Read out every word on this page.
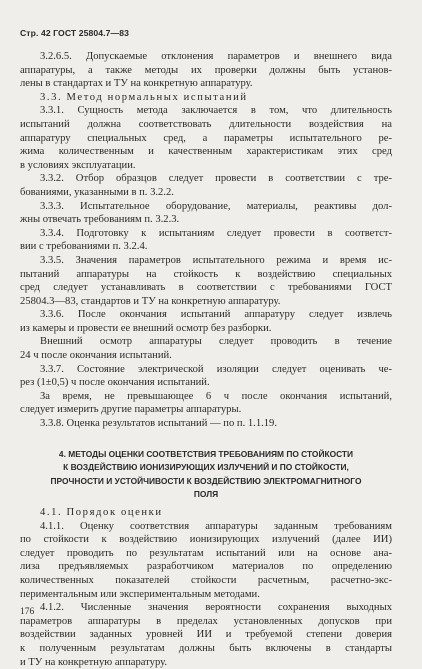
Стр. 42 ГОСТ 25804.7—83
3.2.6.5. Допускаемые отклонения параметров и внешнего вида
аппаратуры, а также методы их проверки должны быть установ-
лены в стандартах и ТУ на конкретную аппаратуру.
3.3. Метод нормальных испытаний
3.3.1. Сущность метода заключается в том, что длительность
испытаний должна соответствовать длительности воздействия на
аппаратуру специальных сред, а параметры испытательного ре-
жима количественным и качественным характеристикам этих сред
в условиях эксплуатации.
3.3.2. Отбор образцов следует провести в соответствии с тре-
бованиями, указанными в п. 3.2.2.
3.3.3. Испытательное оборудование, материалы, реактивы дол-
жны отвечать требованиям п. 3.2.3.
3.3.4. Подготовку к испытаниям следует провести в соответст-
вии с требованиями п. 3.2.4.
3.3.5. Значения параметров испытательного режима и время ис-
пытаний аппаратуры на стойкость к воздействию специальных
сред следует устанавливать в соответствии с требованиями ГОСТ
25804.3—83, стандартов и ТУ на конкретную аппаратуру.
3.3.6. После окончания испытаний аппаратуру следует извлечь
из камеры и провести ее внешний осмотр без разборки.
Внешний осмотр аппаратуры следует проводить в течение
24 ч после окончания испытаний.
3.3.7. Состояние электрической изоляции следует оценивать че-
рез (1±0,5) ч после окончания испытаний.
За время, не превышающее 6 ч после окончания испытаний,
следует измерить другие параметры аппаратуры.
3.3.8. Оценка результатов испытаний — по п. 1.1.19.
4. МЕТОДЫ ОЦЕНКИ СООТВЕТСТВИЯ ТРЕБОВАНИЯМ ПО СТОЙКОСТИ
К ВОЗДЕЙСТВИЮ ИОНИЗИРУЮЩИХ ИЗЛУЧЕНИЙ И ПО СТОЙКОСТИ,
ПРОЧНОСТИ И УСТОЙЧИВОСТИ К ВОЗДЕЙСТВИЮ ЭЛЕКТРОМАГНИТНОГО
ПОЛЯ
4.1. Порядок оценки
4.1.1. Оценку соответствия аппаратуры заданным требованиям
по стойкости к воздействию ионизирующих излучений (далее ИИ)
следует проводить по результатам испытаний или на основе ана-
лиза предъявляемых разработчиком материалов по определению
количественных показателей стойкости расчетным, расчетно-экс-
периментальным или экспериментальным методами.
4.1.2. Численные значения вероятности сохранения выходных
параметров аппаратуры в пределах установленных допусков при
воздействии заданных уровней ИИ и требуемой степени доверия
к полученным результатам должны быть включены в стандарты
и ТУ на конкретную аппаратуру.
176
